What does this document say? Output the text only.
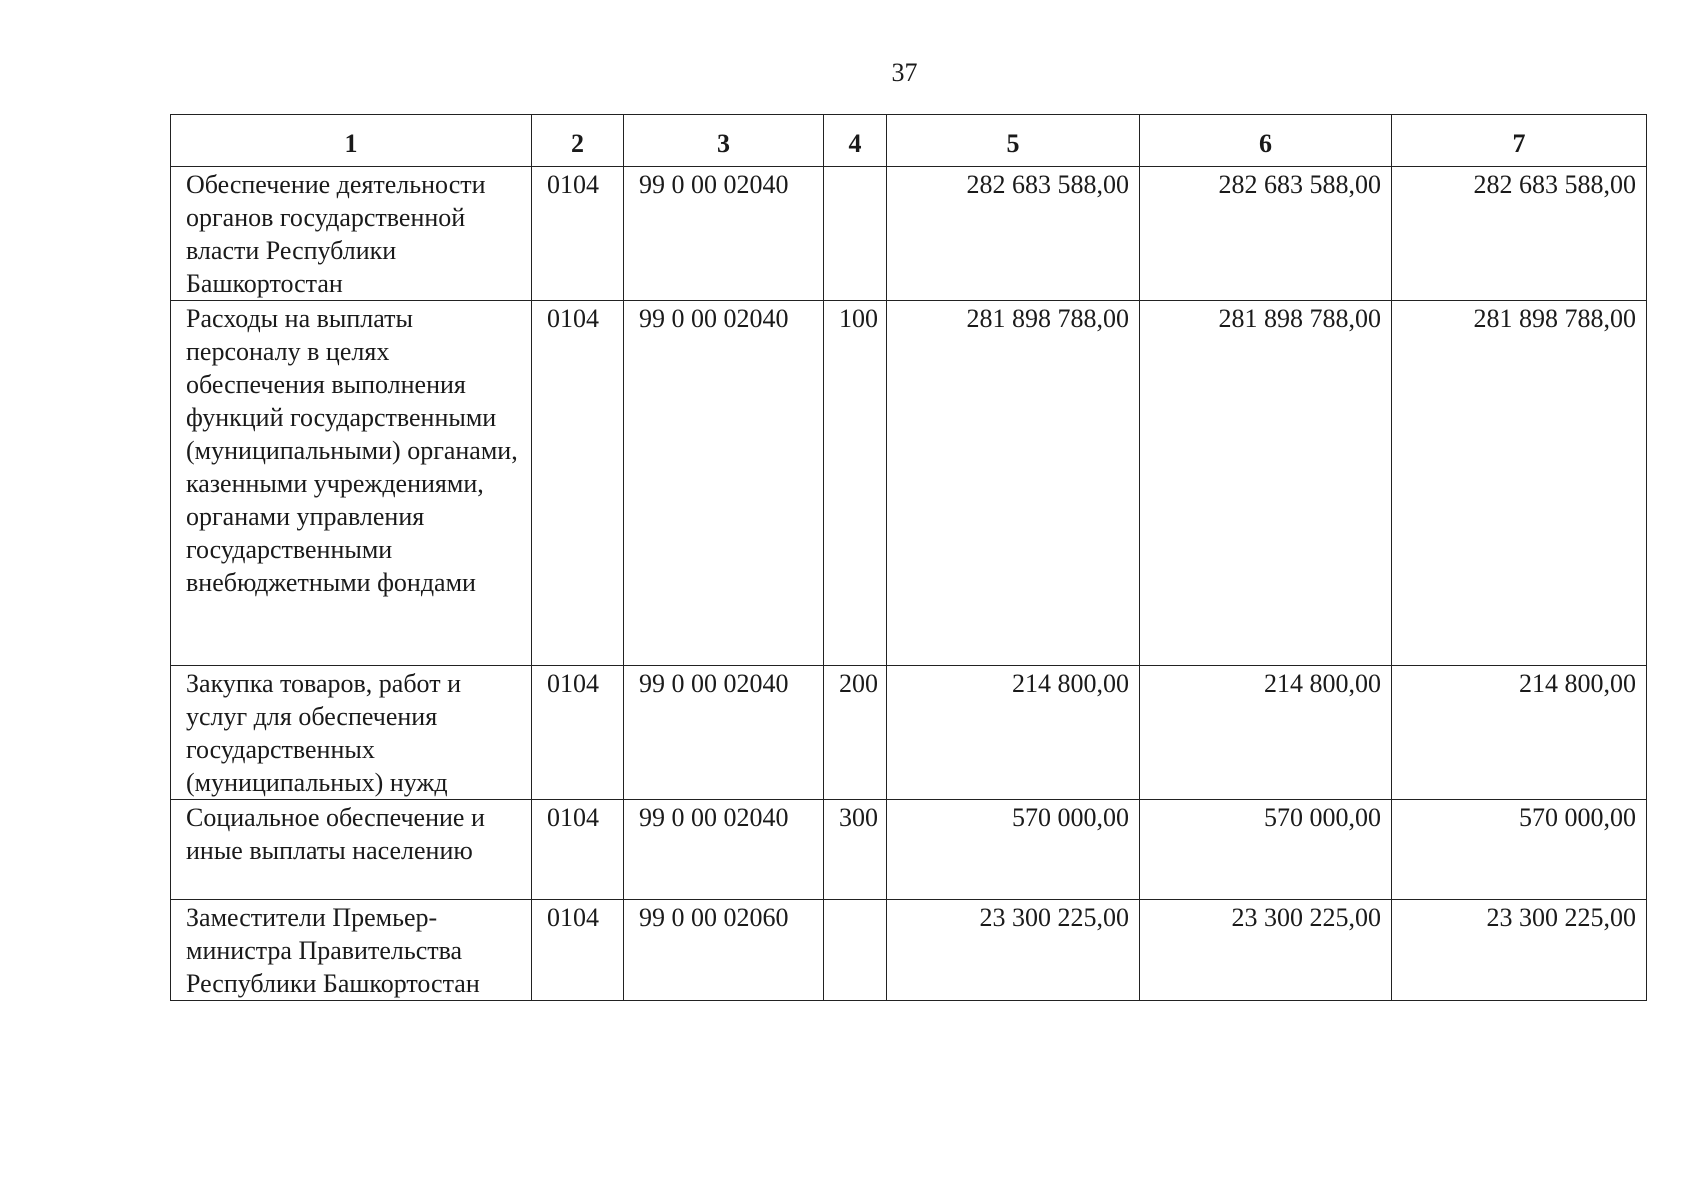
37
1	2	3	4	5	6	7
Обеспечение деятельности органов государственной власти Республики Башкортостан	0104	99 0 00 02040		282 683 588,00	282 683 588,00	282 683 588,00
Расходы на выплаты персоналу в целях обеспечения выполнения функций государственными (муниципальными) органами, казенными учреждениями, органами управления государственными внебюджетными фондами	0104	99 0 00 02040	100	281 898 788,00	281 898 788,00	281 898 788,00
Закупка товаров, работ и услуг для обеспечения государственных (муниципальных) нужд	0104	99 0 00 02040	200	214 800,00	214 800,00	214 800,00
Социальное обеспечение и иные выплаты населению	0104	99 0 00 02040	300	570 000,00	570 000,00	570 000,00
Заместители Премьер-министра Правительства Республики Башкортостан	0104	99 0 00 02060		23 300 225,00	23 300 225,00	23 300 225,00
